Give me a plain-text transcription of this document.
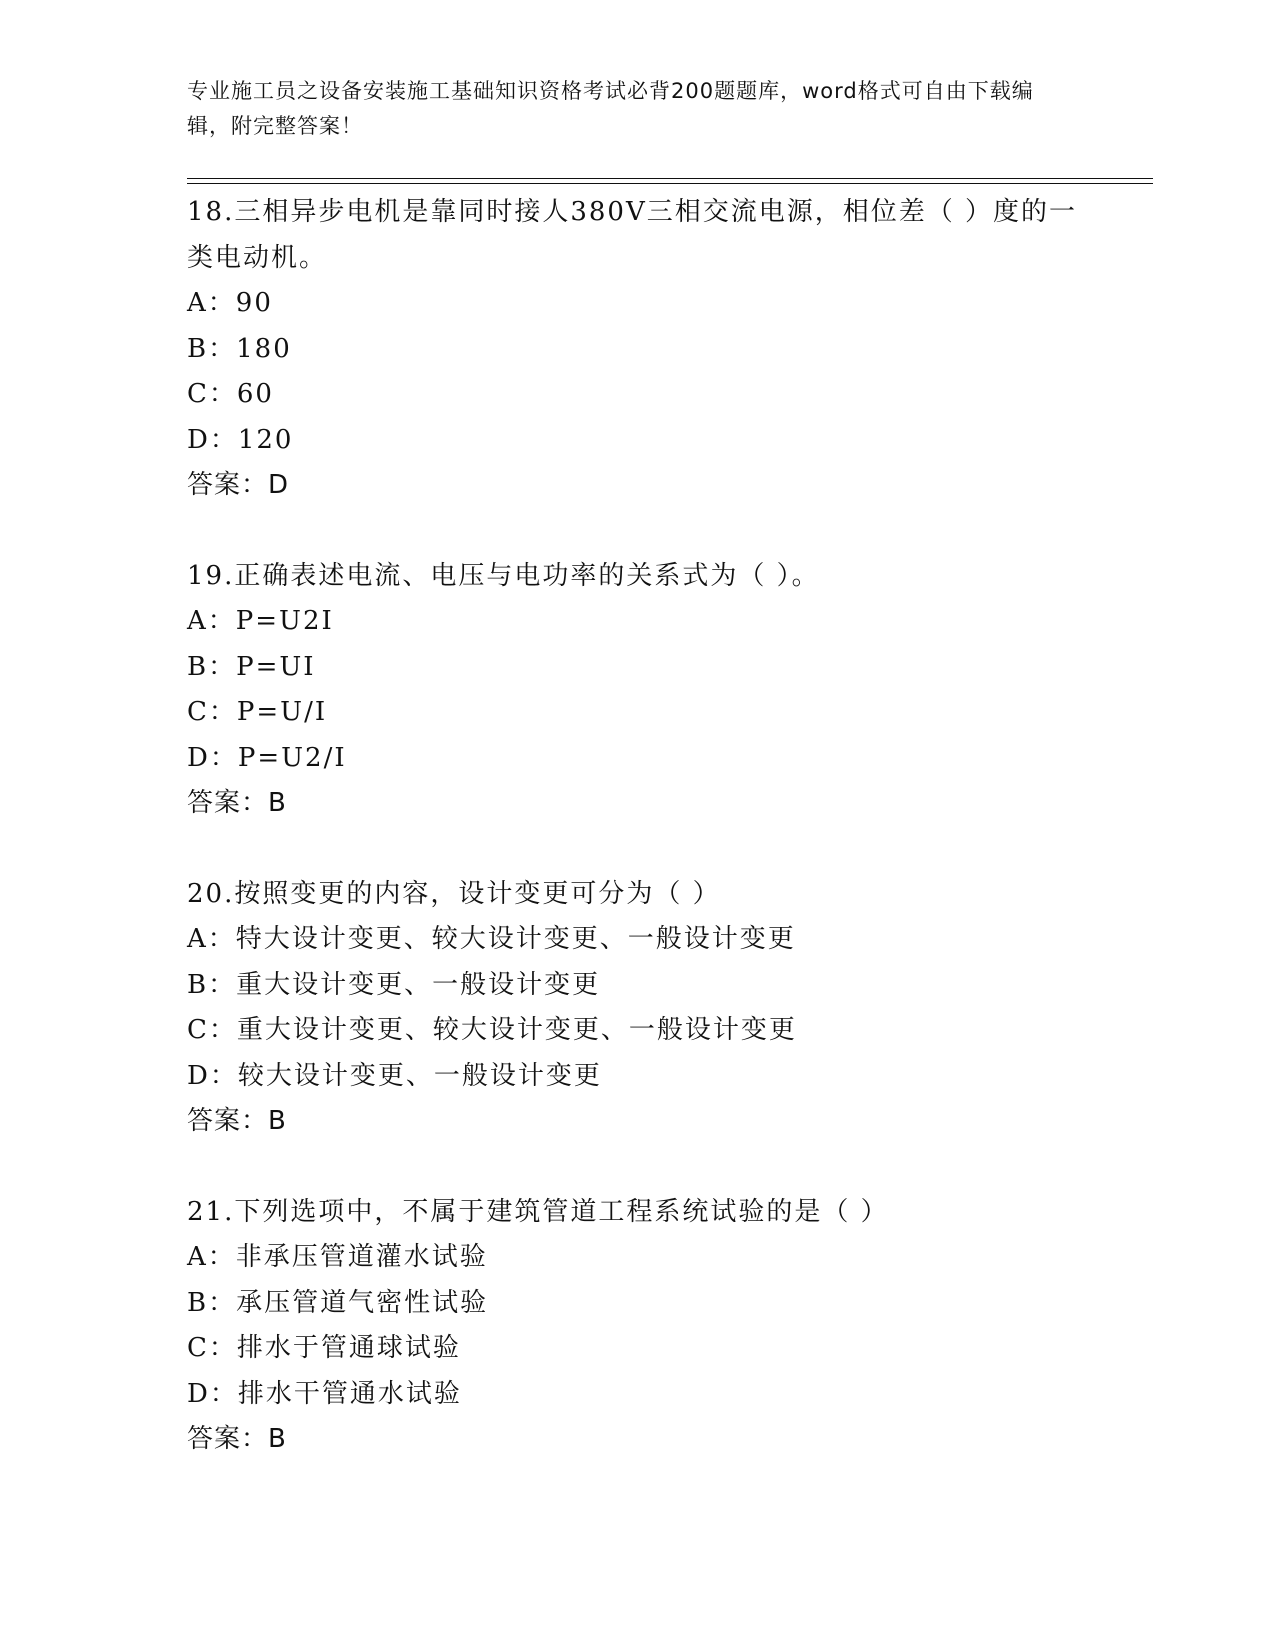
专业施工员之设备安装施工基础知识资格考试必背200题题库，word格式可自由下载编辑，附完整答案！
18.三相异步电机是靠同时接人380V三相交流电源，相位差（ ）度的一类电动机。
A：90
B：180
C：60
D：120
答案：D
19.正确表述电流、电压与电功率的关系式为（ ）。
A：P=U2I
B：P=UI
C：P=U/I
D：P=U2/I
答案：B
20.按照变更的内容，设计变更可分为（ ）
A：特大设计变更、较大设计变更、一般设计变更
B：重大设计变更、一般设计变更
C：重大设计变更、较大设计变更、一般设计变更
D：较大设计变更、一般设计变更
答案：B
21.下列选项中，不属于建筑管道工程系统试验的是（ ）
A：非承压管道灌水试验
B：承压管道气密性试验
C：排水于管通球试验
D：排水干管通水试验
答案：B
